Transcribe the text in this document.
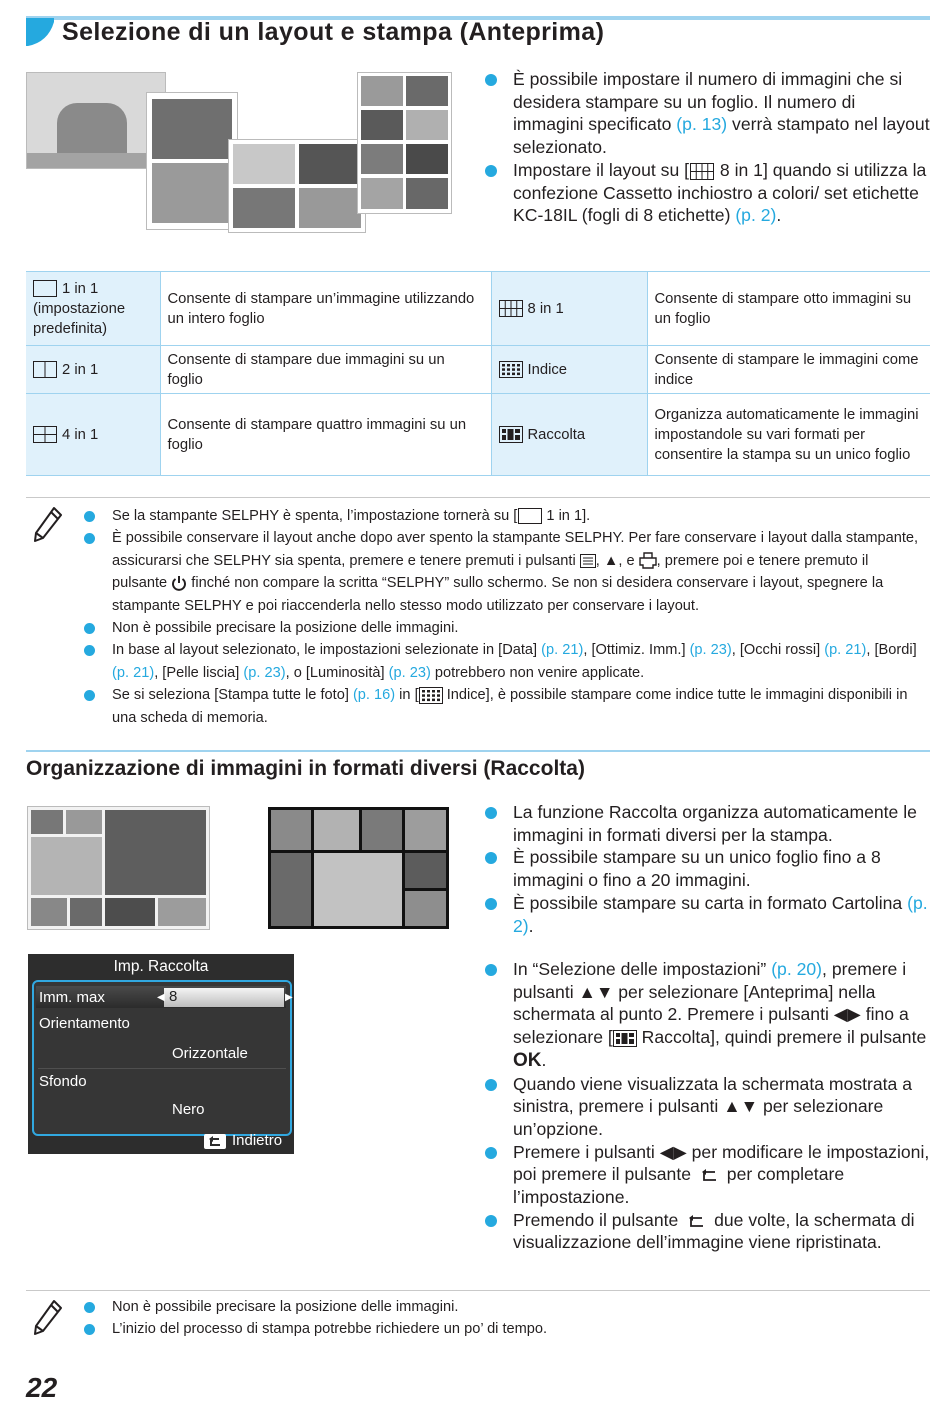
Selezione di un layout e stampa (Anteprima)
È possibile impostare il numero di immagini che si desidera stampare su un foglio. Il numero di immagini specificato (p. 13) verrà stampato nel layout selezionato.
Impostare il layout su [ 8 in 1] quando si utilizza la confezione Cassetto inchiostro a colori/ set etichette KC-18IL (fogli di 8 etichette) (p. 2).
1 in 1 (impostazione predefinita)	Consente di stampare un’immagine utilizzando un intero foglio	8 in 1	Consente di stampare otto immagini su un foglio
2 in 1	Consente di stampare due immagini su un foglio	Indice	Consente di stampare le immagini come indice
4 in 1	Consente di stampare quattro immagini su un foglio	Raccolta	Organizza automaticamente le immagini impostandole su vari formati per consentire la stampa su un unico foglio
Se la stampante SELPHY è spenta, l’impostazione tornerà su [ 1 in 1].
È possibile conservare il layout anche dopo aver spento la stampante SELPHY. Per fare conservare i layout dalla stampante, assicurarsi che SELPHY sia spenta, premere e tenere premuti i pulsanti , ▲, e , premere poi e tenere premuto il pulsante  finché non compare la scritta “SELPHY” sullo schermo. Se non si desidera conservare i layout, spegnere la stampante SELPHY e poi riaccenderla nello stesso modo utilizzato per conservare i layout.
Non è possibile precisare la posizione delle immagini.
In base al layout selezionato, le impostazioni selezionate in [Data] (p. 21), [Ottimiz. Imm.] (p. 23), [Occhi rossi] (p. 21), [Bordi] (p. 21), [Pelle liscia] (p. 23), o [Luminosità] (p. 23) potrebbero non venire applicate.
Se si seleziona [Stampa tutte le foto] (p. 16) in [ Indice], è possibile stampare come indice tutte le immagini disponibili in una scheda di memoria.
Organizzazione di immagini in formati diversi (Raccolta)
La funzione Raccolta organizza automaticamente le immagini in formati diversi per la stampa.
È possibile stampare su un unico foglio fino a 8 immagini o fino a 20 immagini.
È possibile stampare su carta in formato Cartolina (p. 2).
Imp. Raccolta
Imm. max	◀ 8	▶
Orientamento
Orizzontale
Sfondo
Nero
Indietro
In “Selezione delle impostazioni” (p. 20), premere i pulsanti ▲▼ per selezionare [Anteprima] nella schermata al punto 2. Premere i pulsanti ◀▶ fino a selezionare [ Raccolta], quindi premere il pulsante OK.
Quando viene visualizzata la schermata mostrata a sinistra, premere i pulsanti ▲▼ per selezionare un’opzione.
Premere i pulsanti ◀▶ per modificare le impostazioni, poi premere il pulsante  per completare l’impostazione.
Premendo il pulsante  due volte, la schermata di visualizzazione dell’immagine viene ripristinata.
Non è possibile precisare la posizione delle immagini.
L’inizio del processo di stampa potrebbe richiedere un po’ di tempo.
22
